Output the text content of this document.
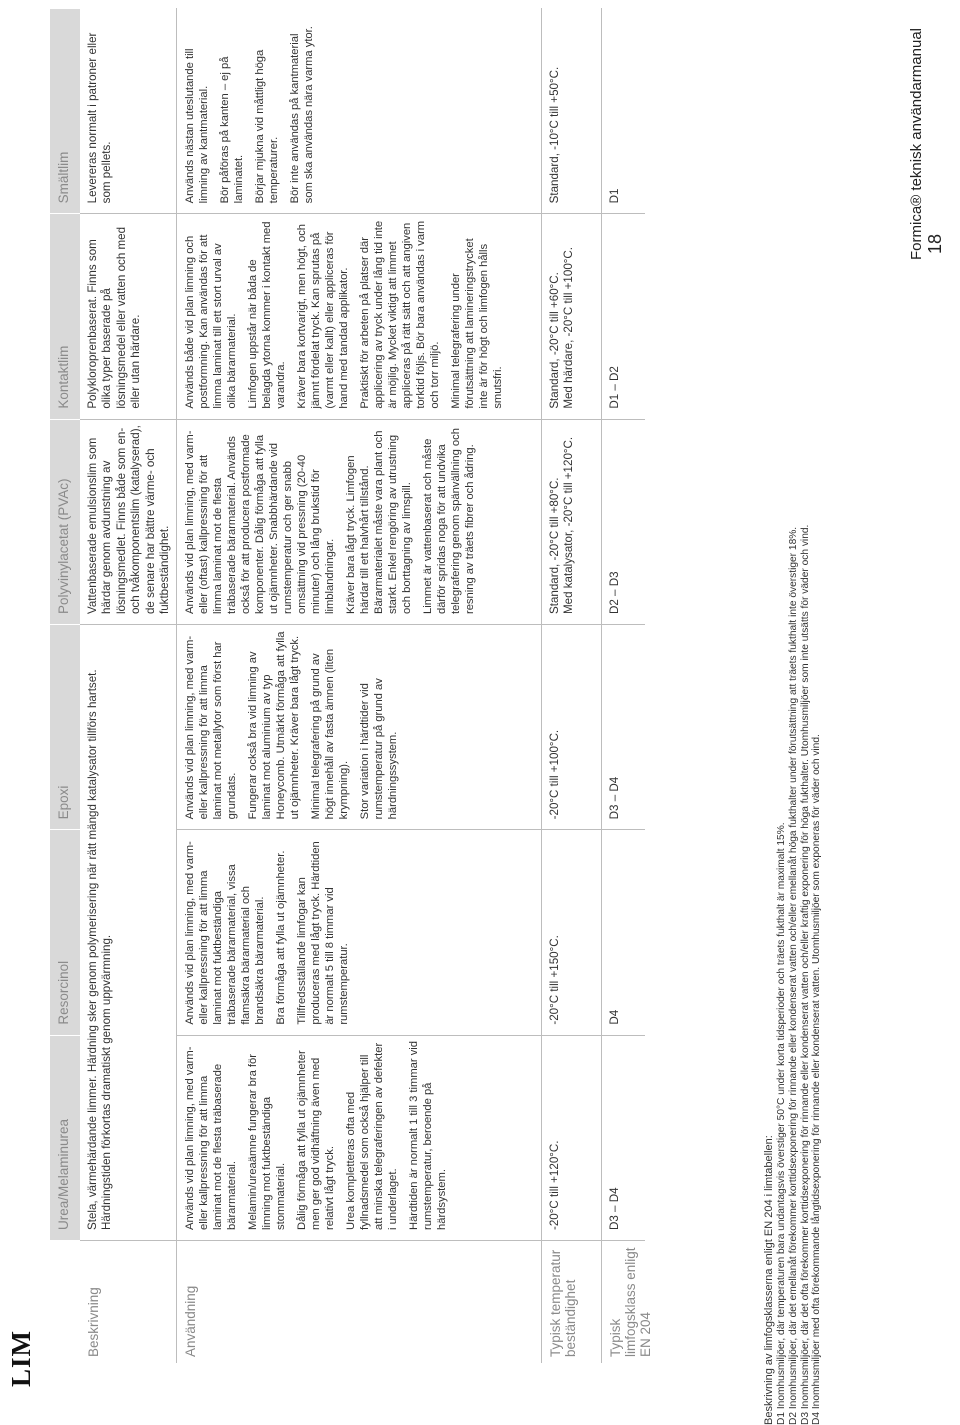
LIM
Urea/Melaminurea
Resorcinol
Epoxi
Polyvinylacetat (PVAc)
Kontaktlim
Smältlim
Beskrivning
Stela, värmehärdande limmer. Härdning sker genom polymerisering när rätt mängd katalysator tillförs hartset. Härdningstiden förkortas dramatiskt genom uppvärmning.
Vattenbaserade emulsionslim som härdar genom avdunstning av lösningsmedlet. Finns både som en- och tvåkomponentslim (katalyserad), de senare har bättre värme- och fuktbeständighet.
Polykloroprenbaserat. Finns som olika typer baserade på lösningsmedel eller vatten och med eller utan härdare.
Levereras normalt i patroner eller som pellets.
Användning

Används vid plan limning, med varm- eller kallpressning för att limma laminat mot de flesta träbaserade bärarmaterial. Melamin/ureaämne fungerar bra för limning mot fuktbeständiga stommaterial. Dålig förmåga att fylla ut ojämnheter men ger god vidhäftning även med relativt lågt tryck. Urea kompletteras ofta med fyllnadsmedel som också hjälper till att minska telegraferingen av defekter i underlaget. Härdtiden är normalt 1 till 3 timmar vid rumstemperatur, beroende på härdsystem.

Används vid plan limning, med varm- eller kallpressning för att limma laminat mot fuktbeständiga träbaserade bärarmaterial, vissa flamsäkra bärarmaterial och brandsäkra bärarmaterial. Bra förmåga att fylla ut ojämnheter. Tillfredsställande limfogar kan produceras med lågt tryck. Härdtiden är normalt 5 till 8 timmar vid rumstemperatur.

Används vid plan limning, med varm- eller kallpressning för att limma laminat mot metallytor som först har grundats. Fungerar också bra vid limning av laminat mot aluminium av typ Honeycomb. Utmärkt förmåga att fylla ut ojämnheter. Kräver bara lågt tryck. Minimal telegrafering på grund av högt innehåll av fasta ämnen (liten krympning). Stor variation i härdtider vid rumstemperatur på grund av härdningssystem.

Används vid plan limning, med varm- eller (oftast) kallpressning för att limma laminat mot de flesta träbaserade bärarmaterial. Används också för att producera postformade komponenter. Dålig förmåga att fylla ut ojämnheter. Snabbhärdande vid rumstemperatur och ger snabb omsättning vid pressning (20-40 minuter) och lång brukstid för limblandningar. Kräver bara lågt tryck. Limfogen härdar till ett halvhårt tillstånd. Bärarmaterialet måste vara plant och starkt. Enkel rengöring av utrustning och borttagning av limspill. Limmet är vattenbaserat och måste därför spridas noga för att undvika telegrafering genom spänvällning och resning av träets fibrer och ådring.

Används både vid plan limning och postformning. Kan användas för att limma laminat till ett stort urval av olika bärarmaterial. Limfogen uppstår när båda de belagda ytorna kommer i kontakt med varandra. Kräver bara kortvarigt, men högt, och jämnt fördelat tryck. Kan sprutas på (varmt eller kallt) eller appliceras för hand med tandad applikator. Praktiskt för arbeten på platser där applicering av tryck under lång tid inte är möjlig. Mycket viktigt att limmet appliceras på rätt sätt och att angiven torktid följs. Bör bara användas i varm och torr miljö. Minimal telegrafering under förutsättning att lamineringstrycket inte är för högt och limfogen hålls smutsfri.

Används nästan uteslutande till limning av kantmaterial. Bör påföras på kanten – ej på laminatet. Börjar mjukna vid måttligt höga temperaturer. Bör inte användas på kantmaterial som ska användas nära varma ytor.

Typisk temperatur beständighet
-20°C till +120°C.
-20°C till +150°C.
-20°C till +100°C.
Standard, -20°C till +80°C. Med katalysator, -20°C till +120°C.
Standard, -20°C till +60°C. Med härdare, -20°C till +100°C.
Standard, -10°C till +50°C.
Typisk limfogsklass enligt EN 204
D3 – D4
D4
D3 – D4
D2 – D3
D1 – D2
D1
Beskrivning av limfogsklasserna enligt EN 204 i limtabellen: D1 Inomhusmiljöer, där temperaturen bara undantagsvis överstiger 50°C under korta tidsperioder och träets fukthalt är maximalt 15%. D2 Inomhusmiljöer, där det emellanåt förekommer korttidsexponering för rinnande eller kondenserat vatten och/eller emellanåt höga fukthalter under förutsättning att träets fukthalt inte överstiger 18%. D3 Inomhusmiljöer, där det ofta förekommer korttidsexponering för rinnande eller kondenserat vatten och/eller kraftig exponering för höga fukthalter. Utomhusmiljöer som inte utsätts för väder och vind. D4 Inomhusmiljöer med ofta förekommande långtidsexponering för rinnande eller kondenserat vatten. Utomhusmiljöer som exponeras för väder och vind.
Formica® teknisk användarmanual 18
